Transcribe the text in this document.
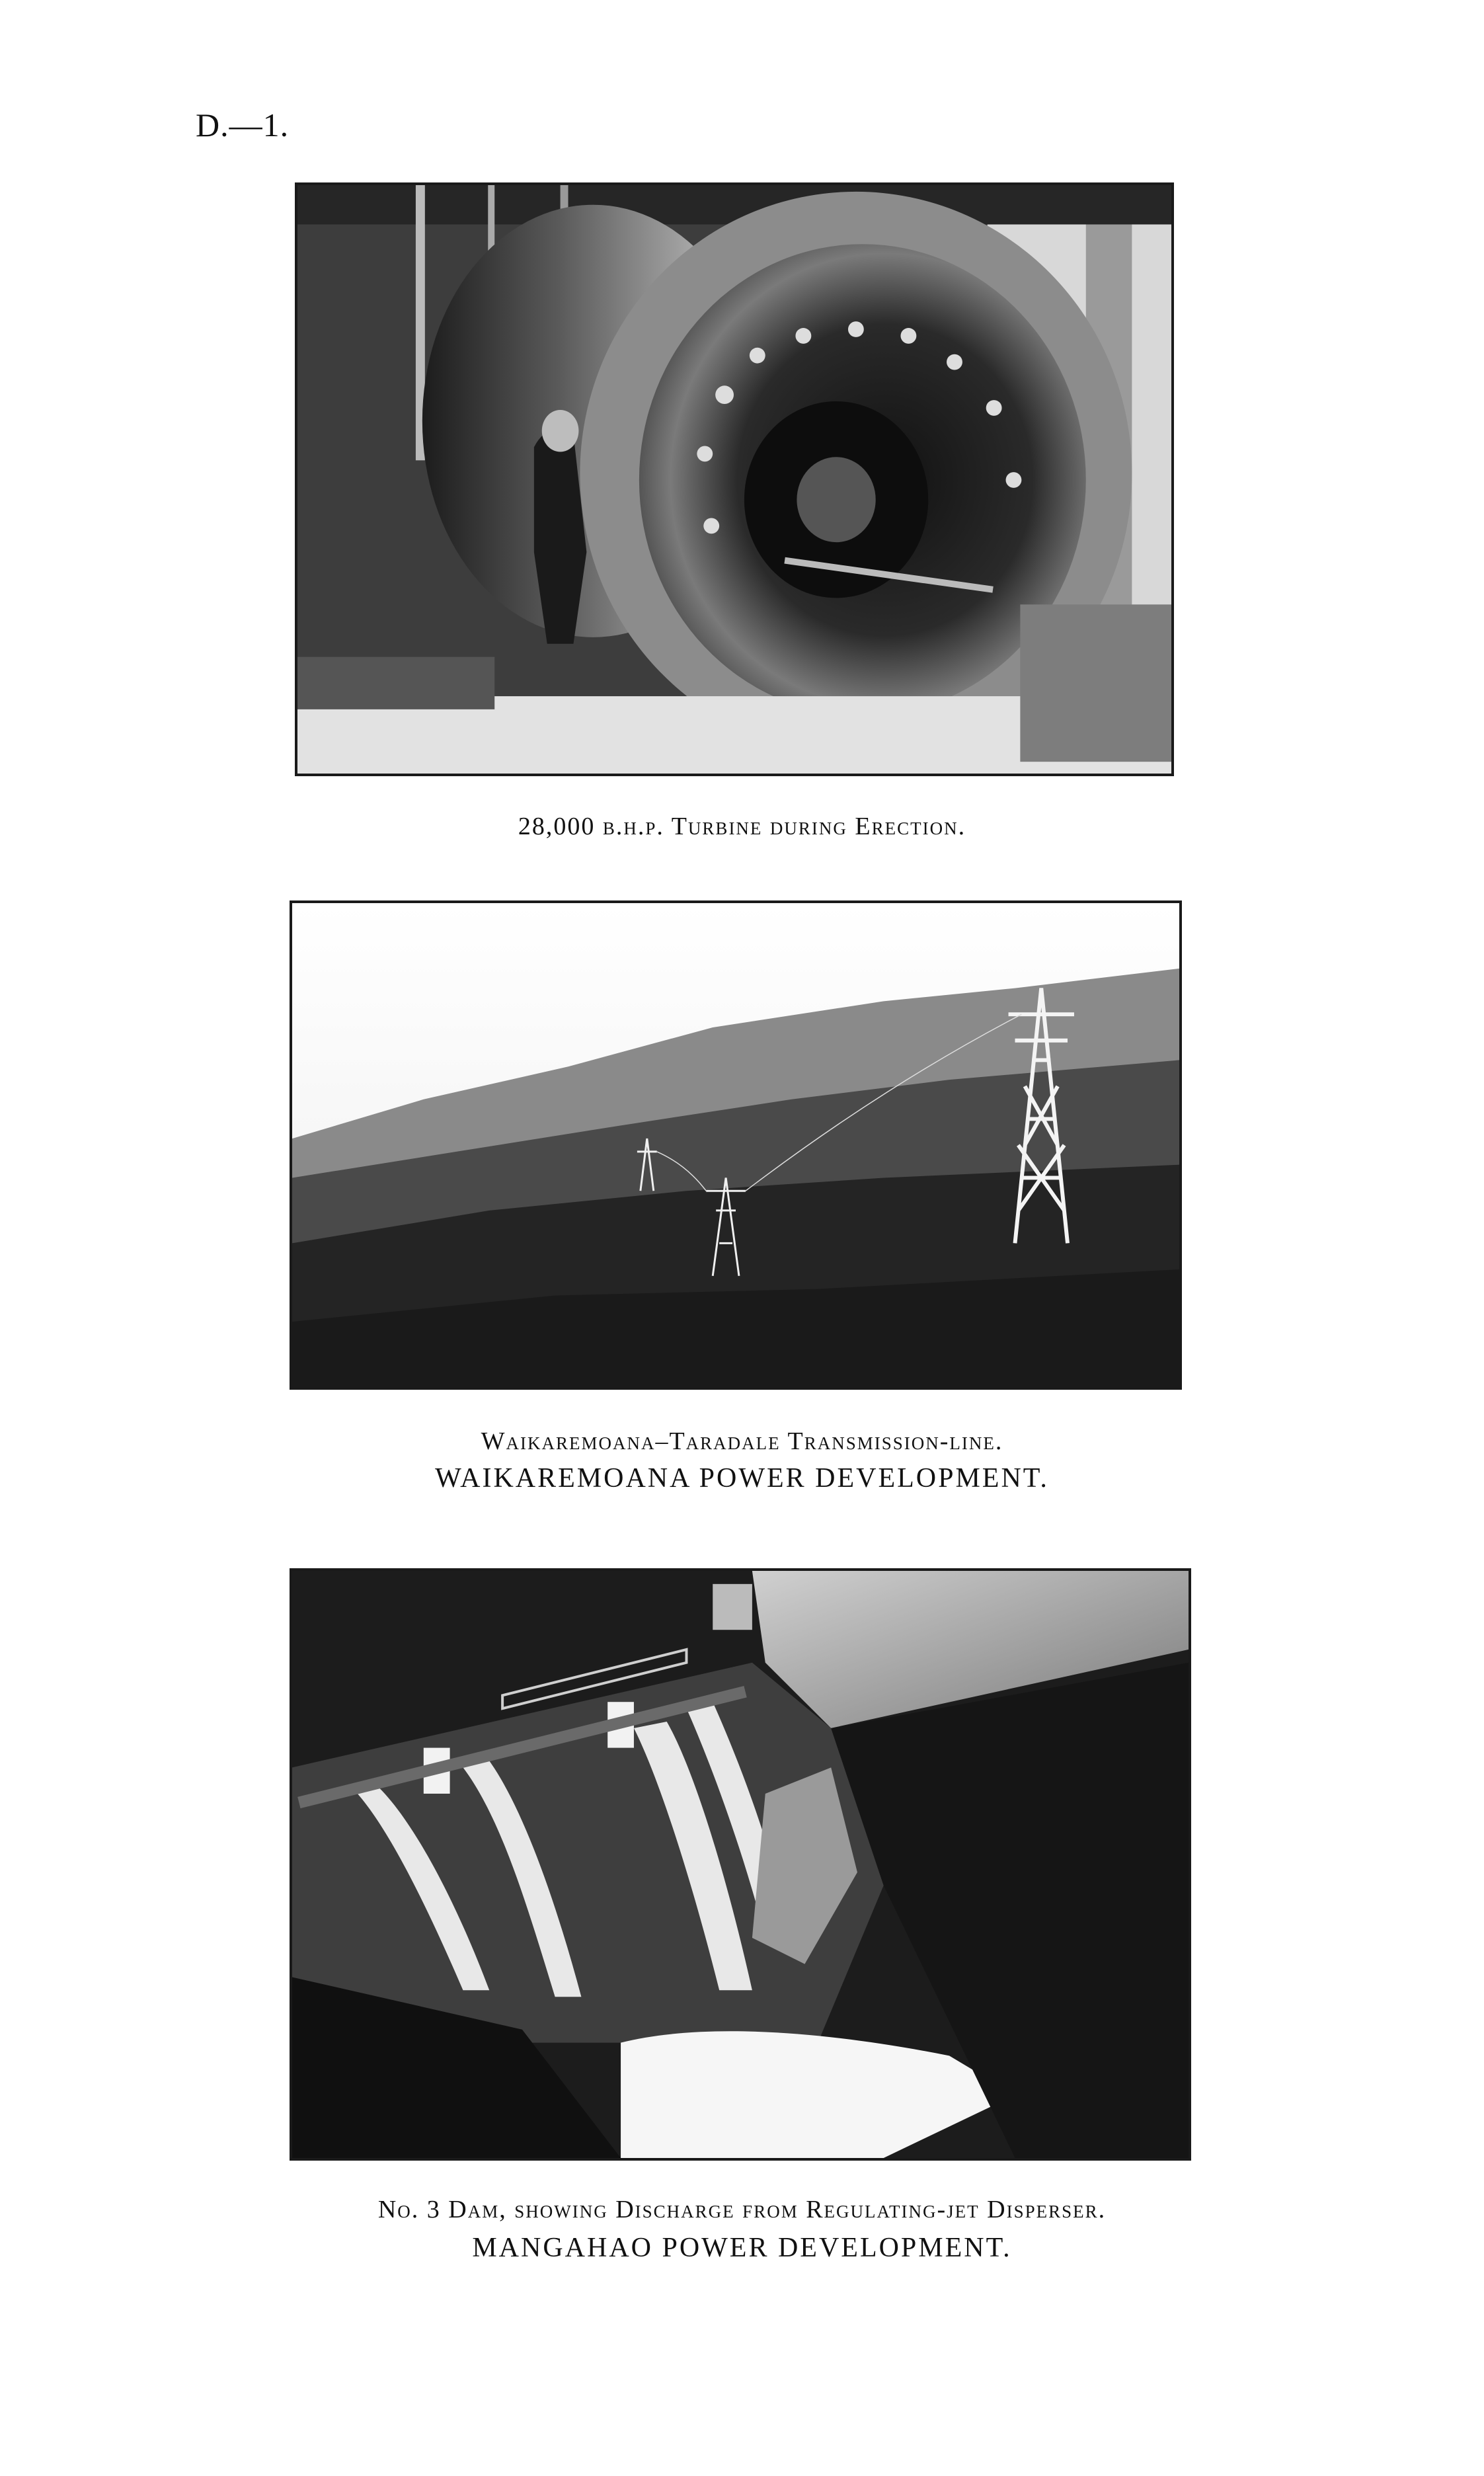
D.—1.
28,000 b.h.p. Turbine during Erection.
Waikaremoana–Taradale Transmission-line.
WAIKAREMOANA POWER DEVELOPMENT.
No. 3 Dam, showing Discharge from Regulating-jet Disperser.
MANGAHAO POWER DEVELOPMENT.
